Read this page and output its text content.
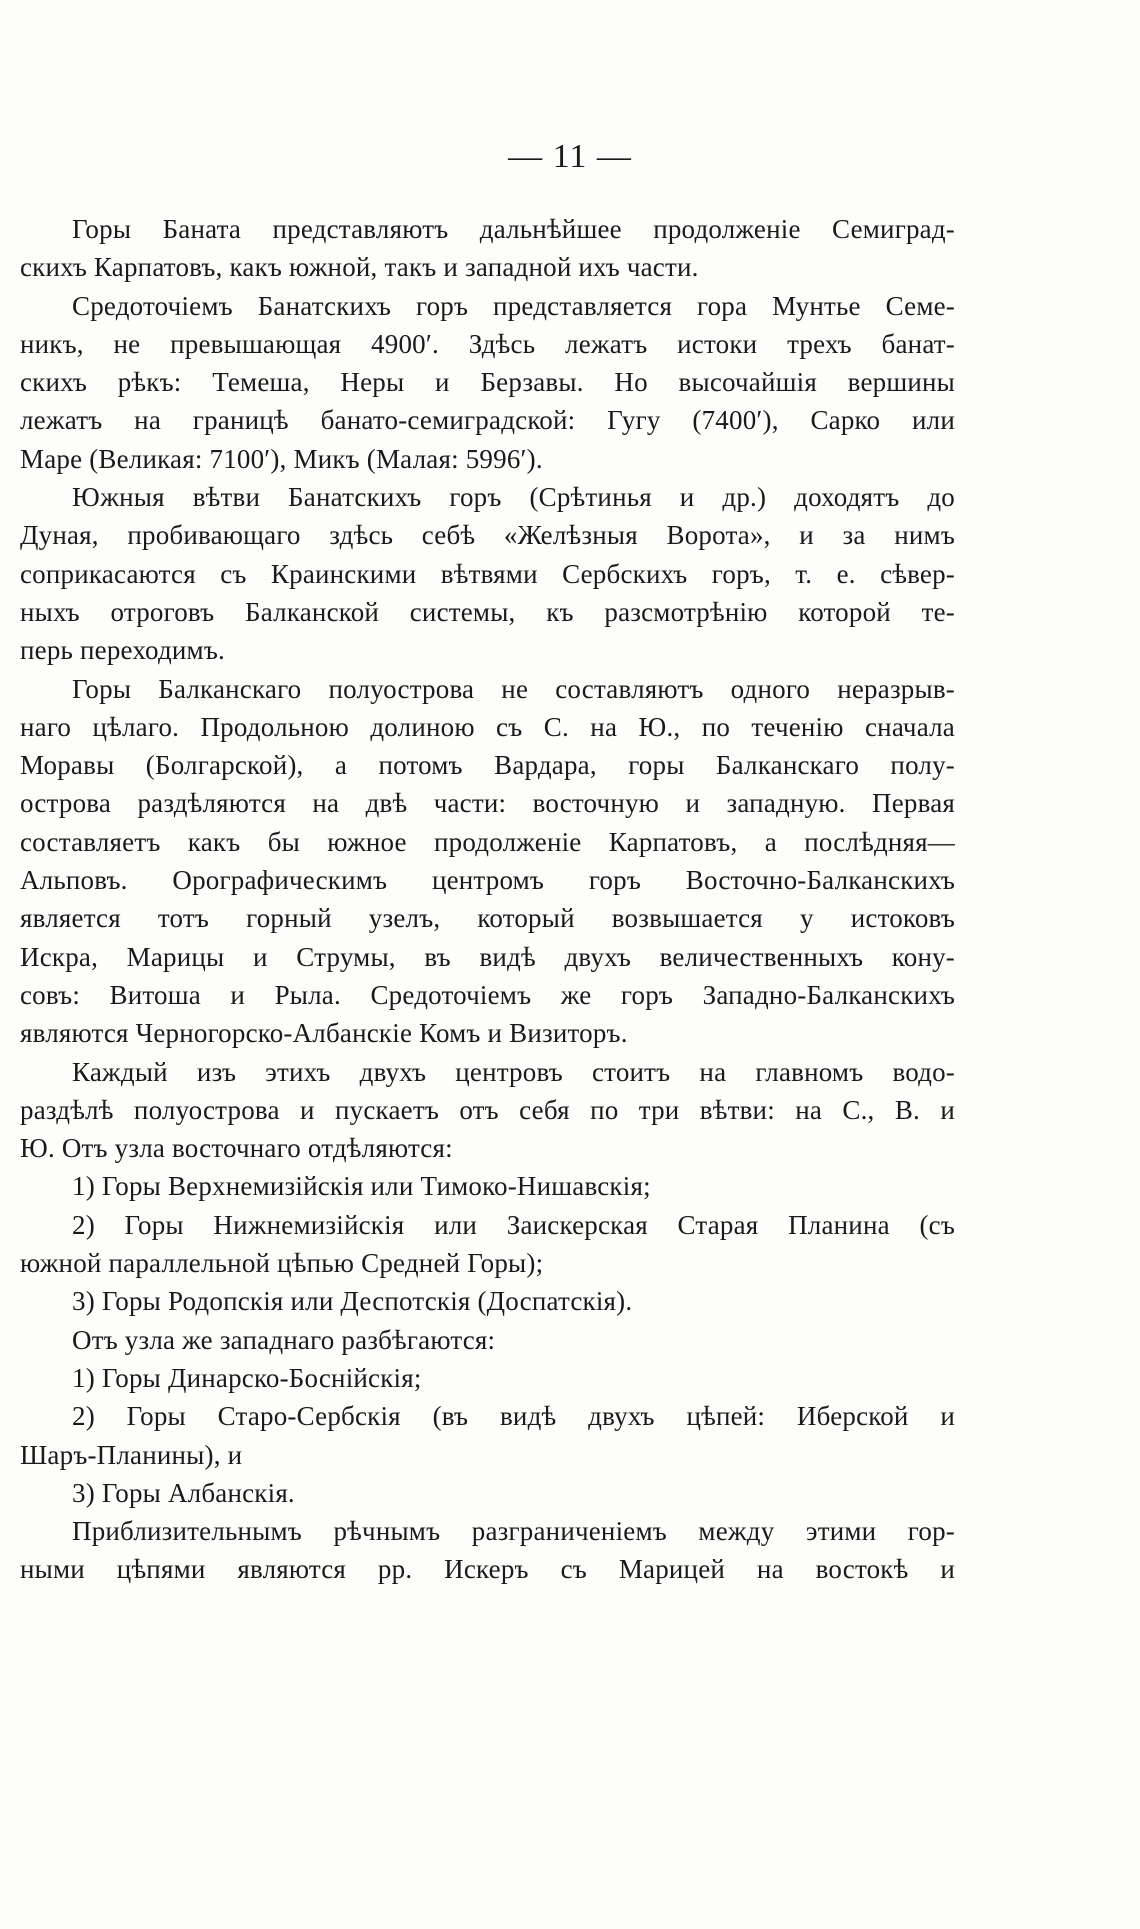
— 11 —
Горы Баната представляютъ дальнѣйшее продолженіе Семиград-
скихъ Карпатовъ, какъ южной, такъ и западной ихъ части.
Средоточіемъ Банатскихъ горъ представляется гора Мунтье Семе-
никъ, не превышающая 4900′. Здѣсь лежатъ истоки трехъ банат-
скихъ рѣкъ: Темеша, Неры и Берзавы. Но высочайшія вершины
лежатъ на границѣ банато-семиградской: Гугу (7400′), Сарко или
Маре (Великая: 7100′), Микъ (Малая: 5996′).
Южныя вѣтви Банатскихъ горъ (Срѣтинья и др.) доходятъ до
Дуная, пробивающаго здѣсь себѣ «Желѣзныя Ворота», и за нимъ
соприкасаются съ Краинскими вѣтвями Сербскихъ горъ, т. е. сѣвер-
ныхъ отроговъ Балканской системы, къ разсмотрѣнію которой те-
перь переходимъ.
Горы Балканскаго полуострова не составляютъ одного неразрыв-
наго цѣлаго. Продольною долиною съ С. на Ю., по теченію сначала
Моравы (Болгарской), а потомъ Вардара, горы Балканскаго полу-
острова раздѣляются на двѣ части: восточную и западную. Первая
составляетъ какъ бы южное продолженіе Карпатовъ, а послѣдняя—
Альповъ. Орографическимъ центромъ горъ Восточно-Балканскихъ
является тотъ горный узелъ, который возвышается у истоковъ
Искра, Марицы и Струмы, въ видѣ двухъ величественныхъ кону-
совъ: Витоша и Рыла. Средоточіемъ же горъ Западно-Балканскихъ
являются Черногорско-Албанскіе Комъ и Визиторъ.
Каждый изъ этихъ двухъ центровъ стоитъ на главномъ водо-
раздѣлѣ полуострова и пускаетъ отъ себя по три вѣтви: на С., В. и
Ю. Отъ узла восточнаго отдѣляются:
1) Горы Верхнемизійскія или Тимоко-Нишавскія;
2) Горы Нижнемизійскія или Заискерская Старая Планина (съ
южной параллельной цѣпью Средней Горы);
3) Горы Родопскія или Деспотскія (Доспатскія).
Отъ узла же западнаго разбѣгаются:
1) Горы Динарско-Боснійскія;
2) Горы Старо-Сербскія (въ видѣ двухъ цѣпей: Иберской и
Шаръ-Планины), и
3) Горы Албанскія.
Приблизительнымъ рѣчнымъ разграниченіемъ между этими гор-
ными цѣпями являются рр. Искеръ съ Марицей на востокѣ и
